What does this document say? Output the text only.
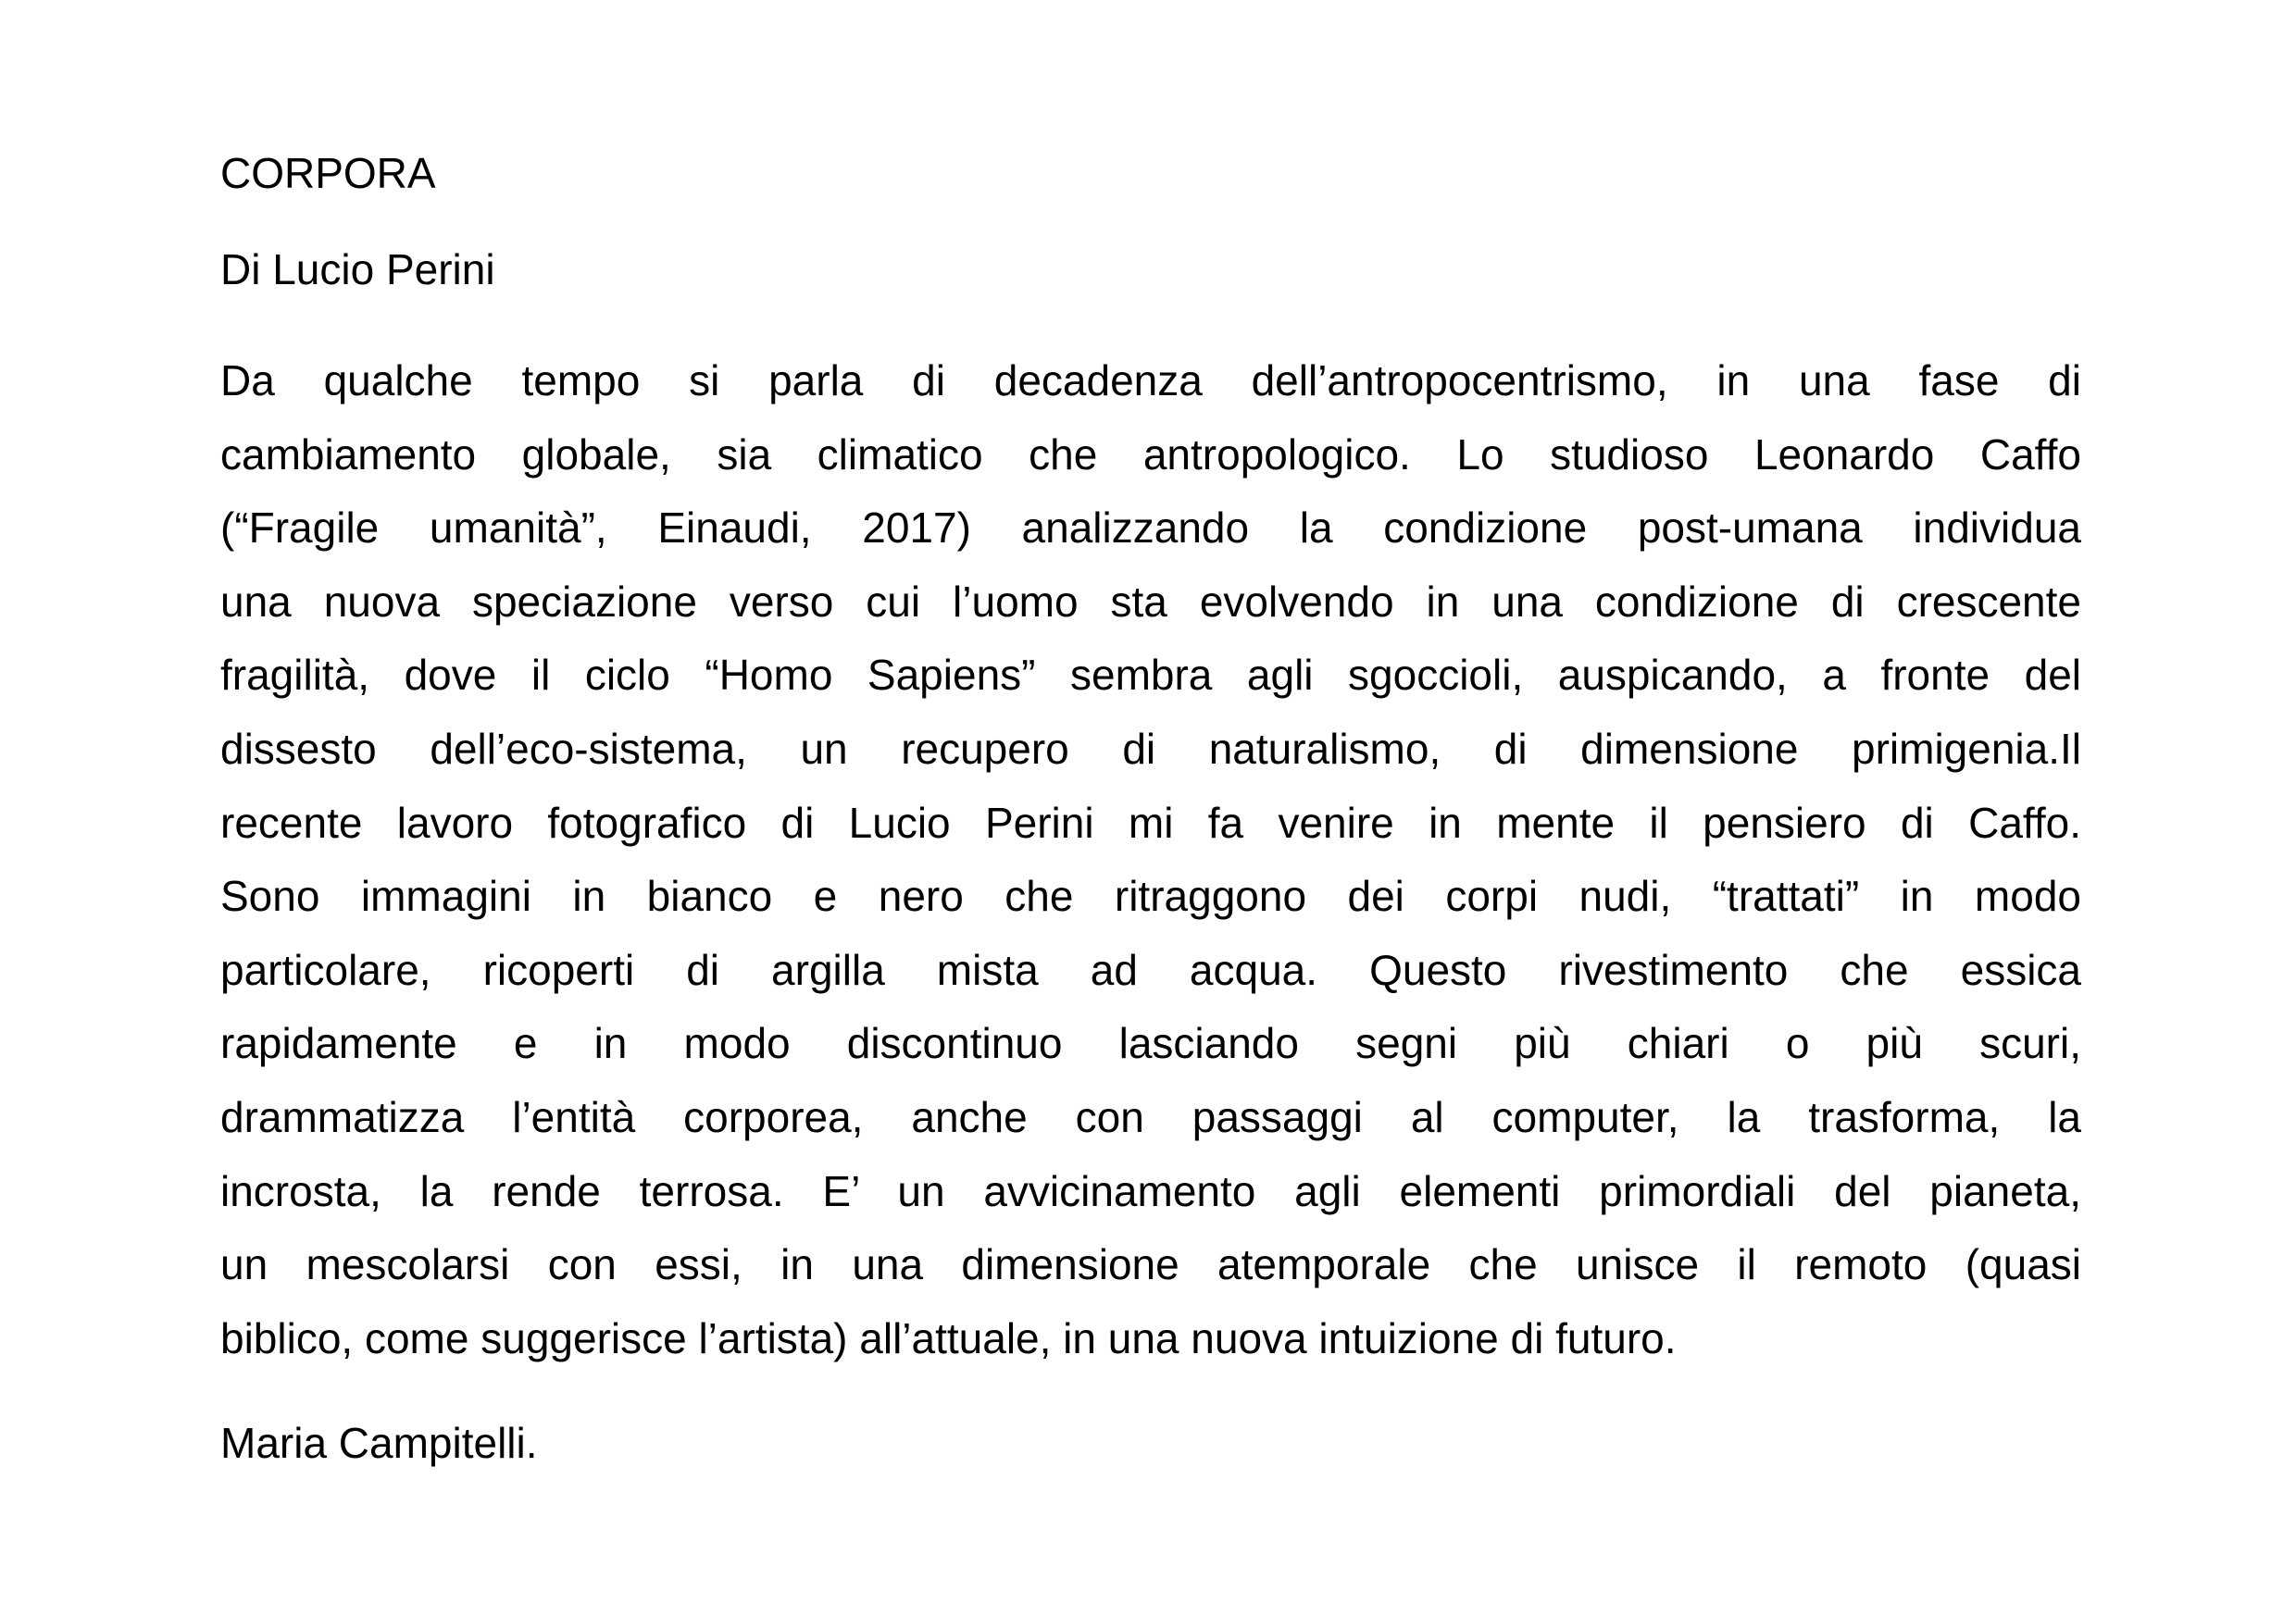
CORPORA
Di Lucio Perini
Da qualche tempo si parla di decadenza dell’antropocentrismo, in una fase di
cambiamento globale, sia climatico che antropologico. Lo studioso Leonardo Caffo
(“Fragile umanità”, Einaudi, 2017) analizzando la condizione post-umana individua
una nuova speciazione verso cui l’uomo sta evolvendo in una condizione di crescente
fragilità, dove il ciclo “Homo Sapiens” sembra agli sgoccioli, auspicando, a fronte del
dissesto dell’eco-sistema, un recupero di naturalismo, di dimensione primigenia.Il
recente lavoro fotografico di Lucio Perini mi fa venire in mente il pensiero di Caffo.
Sono immagini in bianco e nero che ritraggono dei corpi nudi, “trattati” in modo
particolare, ricoperti di argilla mista ad acqua. Questo rivestimento che essica
rapidamente e in modo discontinuo lasciando segni più chiari o più scuri,
drammatizza l’entità corporea, anche con passaggi al computer, la trasforma, la
incrosta, la rende terrosa. E’ un avvicinamento agli elementi primordiali del pianeta,
un mescolarsi con essi, in una dimensione atemporale che unisce il remoto (quasi
biblico, come suggerisce l’artista) all’attuale, in una nuova intuizione di futuro.
Maria Campitelli.
